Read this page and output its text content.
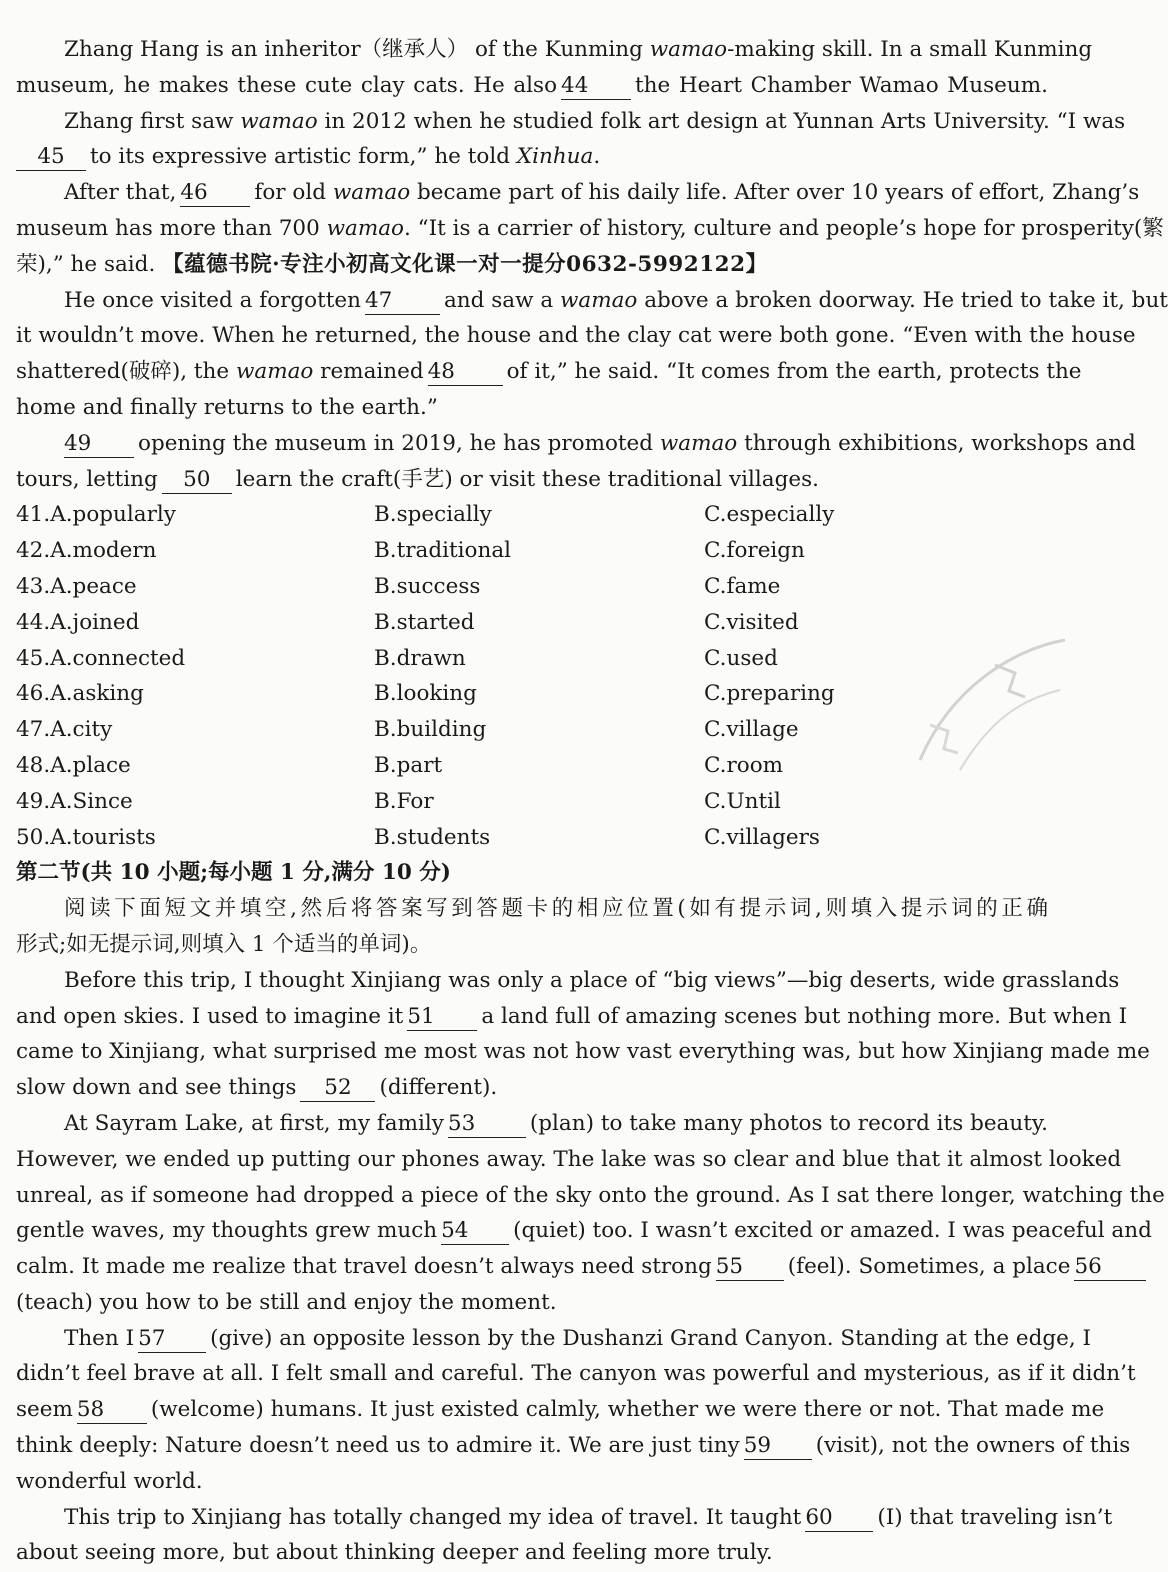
Zhang Hang is an inheritor（继承人） of the Kunming wamao-making skill. In a small Kunming
museum, he makes these cute clay cats. He also 44 the Heart Chamber Wamao Museum.
Zhang first saw wamao in 2012 when he studied folk art design at Yunnan Arts University. “I was
45 to its expressive artistic form,” he told Xinhua.
After that, 46 for old wamao became part of his daily life. After over 10 years of effort, Zhang’s
museum has more than 700 wamao. “It is a carrier of history, culture and people’s hope for prosperity(繁
荣),” he said. 【蕴德书院·专注小初高文化课一对一提分0632-5992122】
He once visited a forgotten 47 and saw a wamao above a broken doorway. He tried to take it, but
it wouldn’t move. When he returned, the house and the clay cat were both gone. “Even with the house
shattered(破碎), the wamao remained 48 of it,” he said. “It comes from the earth, protects the
home and finally returns to the earth.”
49 opening the museum in 2019, he has promoted wamao through exhibitions, workshops and
tours, letting 50 learn the craft(手艺) or visit these traditional villages.
41.A.popularly	B.specially	C.especially
42.A.modern	B.traditional	C.foreign
43.A.peace	B.success	C.fame
44.A.joined	B.started	C.visited
45.A.connected	B.drawn	C.used
46.A.asking	B.looking	C.preparing
47.A.city	B.building	C.village
48.A.place	B.part	C.room
49.A.Since	B.For	C.Until
50.A.tourists	B.students	C.villagers
第二节(共 10 小题;每小题 1 分,满分 10 分)
阅读下面短文并填空,然后将答案写到答题卡的相应位置(如有提示词,则填入提示词的正确
形式;如无提示词,则填入 1 个适当的单词)。
Before this trip, I thought Xinjiang was only a place of “big views”—big deserts, wide grasslands
and open skies. I used to imagine it 51 a land full of amazing scenes but nothing more. But when I
came to Xinjiang, what surprised me most was not how vast everything was, but how Xinjiang made me
slow down and see things 52 (different).
At Sayram Lake, at first, my family 53	(plan) to take many photos to record its beauty.
However, we ended up putting our phones away. The lake was so clear and blue that it almost looked
unreal, as if someone had dropped a piece of the sky onto the ground. As I sat there longer, watching the
gentle waves, my thoughts grew much 54 (quiet) too. I wasn’t excited or amazed. I was peaceful and
calm. It made me realize that travel doesn’t always need strong 55 (feel). Sometimes, a place 56
(teach) you how to be still and enjoy the moment.
Then I 57 (give) an opposite lesson by the Dushanzi Grand Canyon. Standing at the edge, I
didn’t feel brave at all. I felt small and careful. The canyon was powerful and mysterious, as if it didn’t
seem 58 (welcome) humans. It just existed calmly, whether we were there or not. That made me
think deeply: Nature doesn’t need us to admire it. We are just tiny 59 (visit), not the owners of this
wonderful world.
This trip to Xinjiang has totally changed my idea of travel. It taught 60 (I) that traveling isn’t
about seeing more, but about thinking deeper and feeling more truly.
